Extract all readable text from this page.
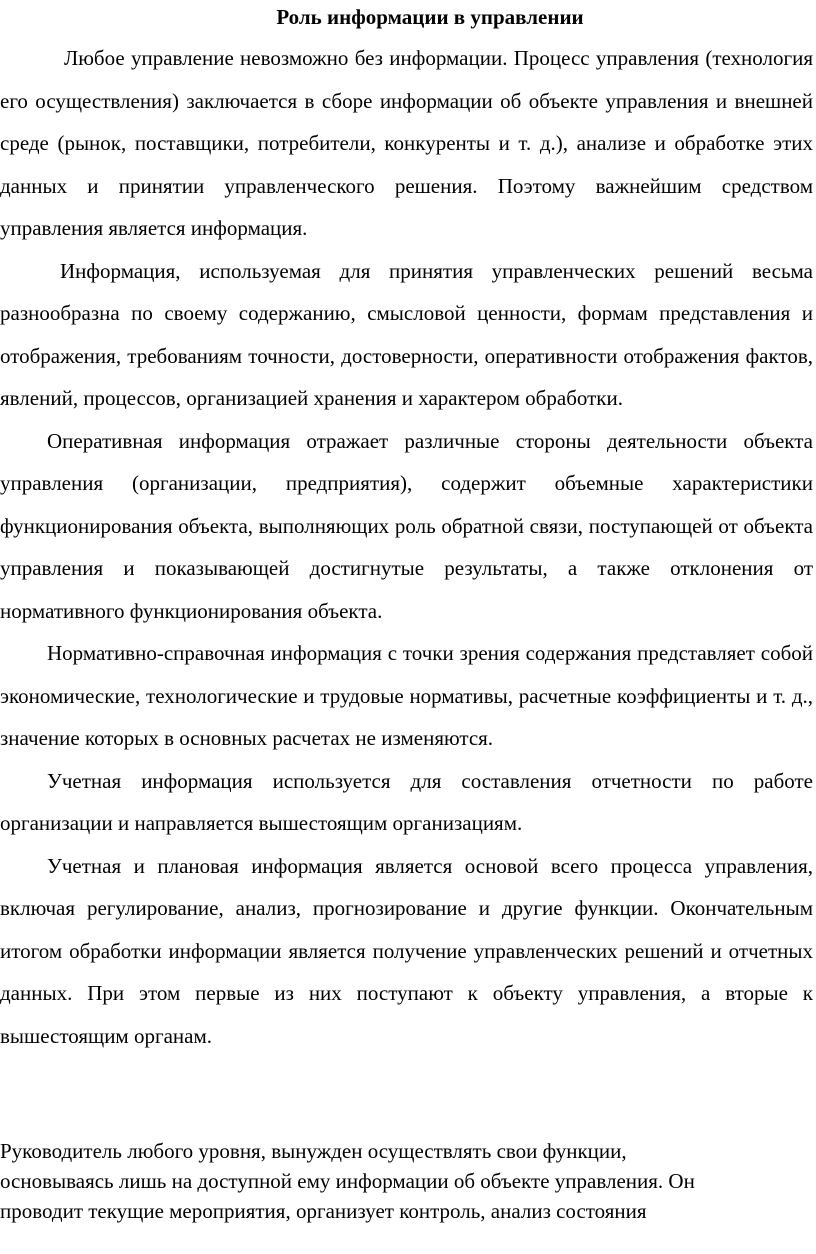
Роль информации в управлении

Любое управление невозможно без информации. Процесс управления (технология его осуществления) заключается в сборе информации об объекте управления и внешней среде (рынок, поставщики, потребители, конкуренты и т. д.), анализе и обработке этих данных и принятии управленческого решения. Поэтому важнейшим средством управления является информация.

Информация, используемая для принятия управленческих решений весьма разнообразна по своему содержанию, смысловой ценности, формам представления и отображения, требованиям точности, достоверности, оперативности отображения фактов, явлений, процессов, организацией хранения и характером обработки.

Оперативная информация отражает различные стороны деятельности объекта управления (организации, предприятия), содержит объемные характеристики функционирования объекта, выполняющих роль обратной связи, поступающей от объекта управления и показывающей достигнутые результаты, а также отклонения от нормативного функционирования объекта.

Нормативно-справочная информация с точки зрения содержания представляет собой экономические, технологические и трудовые нормативы, расчетные коэффициенты и т. д., значение которых в основных расчетах не изменяются.

Учетная информация используется для составления отчетности по работе организации и направляется вышестоящим организациям.

Учетная и плановая информация является основой всего процесса управления, включая регулирование, анализ, прогнозирование и другие функции. Окончательным итогом обработки информации является получение управленческих решений и отчетных данных. При этом первые из них поступают к объекту управления, а вторые к вышестоящим органам.

Руководитель любого уровня, вынужден осуществлять свои функции,
основываясь лишь на доступной ему информации об объекте управления. Он
проводит текущие мероприятия, организует контроль, анализ состояния
